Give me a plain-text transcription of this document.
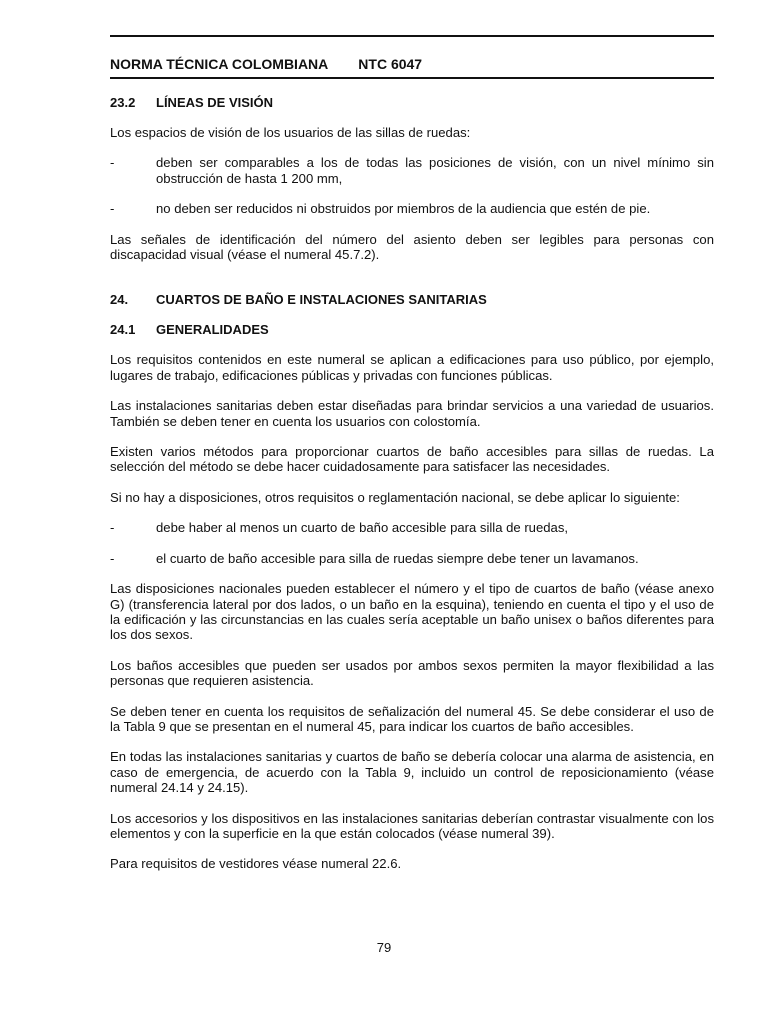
NORMA TÉCNICA COLOMBIANA NTC 6047
23.2 LÍNEAS DE VISIÓN

Los espacios de visión de los usuarios de las sillas de ruedas:

-	deben ser comparables a los de todas las posiciones de visión, con un nivel mínimo sin obstrucción de hasta 1 200 mm,
-	no deben ser reducidos ni obstruidos por miembros de la audiencia que estén de pie.

Las señales de identificación del número del asiento deben ser legibles para personas con discapacidad visual (véase el numeral 45.7.2).

24. CUARTOS DE BAÑO E INSTALACIONES SANITARIAS
24.1 GENERALIDADES

Los requisitos contenidos en este numeral se aplican a edificaciones para uso público, por ejemplo, lugares de trabajo, edificaciones públicas y privadas con funciones públicas.

Las instalaciones sanitarias deben estar diseñadas para brindar servicios a una variedad de usuarios. También se deben tener en cuenta los usuarios con colostomía.

Existen varios métodos para proporcionar cuartos de baño accesibles para sillas de ruedas. La selección del método se debe hacer cuidadosamente para satisfacer las necesidades.

Si no hay a disposiciones, otros requisitos o reglamentación nacional, se debe aplicar lo siguiente:

-	debe haber al menos un cuarto de baño accesible para silla de ruedas,
-	el cuarto de baño accesible para silla de ruedas siempre debe tener un lavamanos.

Las disposiciones nacionales pueden establecer el número y el tipo de cuartos de baño (véase anexo G) (transferencia lateral por dos lados, o un baño en la esquina), teniendo en cuenta el tipo y el uso de la edificación y las circunstancias en las cuales sería aceptable un baño unisex o baños diferentes para los dos sexos.

Los baños accesibles que pueden ser usados por ambos sexos permiten la mayor flexibilidad a las personas que requieren asistencia.

Se deben tener en cuenta los requisitos de señalización del numeral 45. Se debe considerar el uso de la Tabla 9 que se presentan en el numeral 45, para indicar los cuartos de baño accesibles.

En todas las instalaciones sanitarias y cuartos de baño se debería colocar una alarma de asistencia, en caso de emergencia, de acuerdo con la Tabla 9, incluido un control de reposicionamiento (véase numeral 24.14 y 24.15).

Los accesorios y los dispositivos en las instalaciones sanitarias deberían contrastar visualmente con los elementos y con la superficie en la que están colocados (véase numeral 39).

Para requisitos de vestidores véase numeral 22.6.

79
